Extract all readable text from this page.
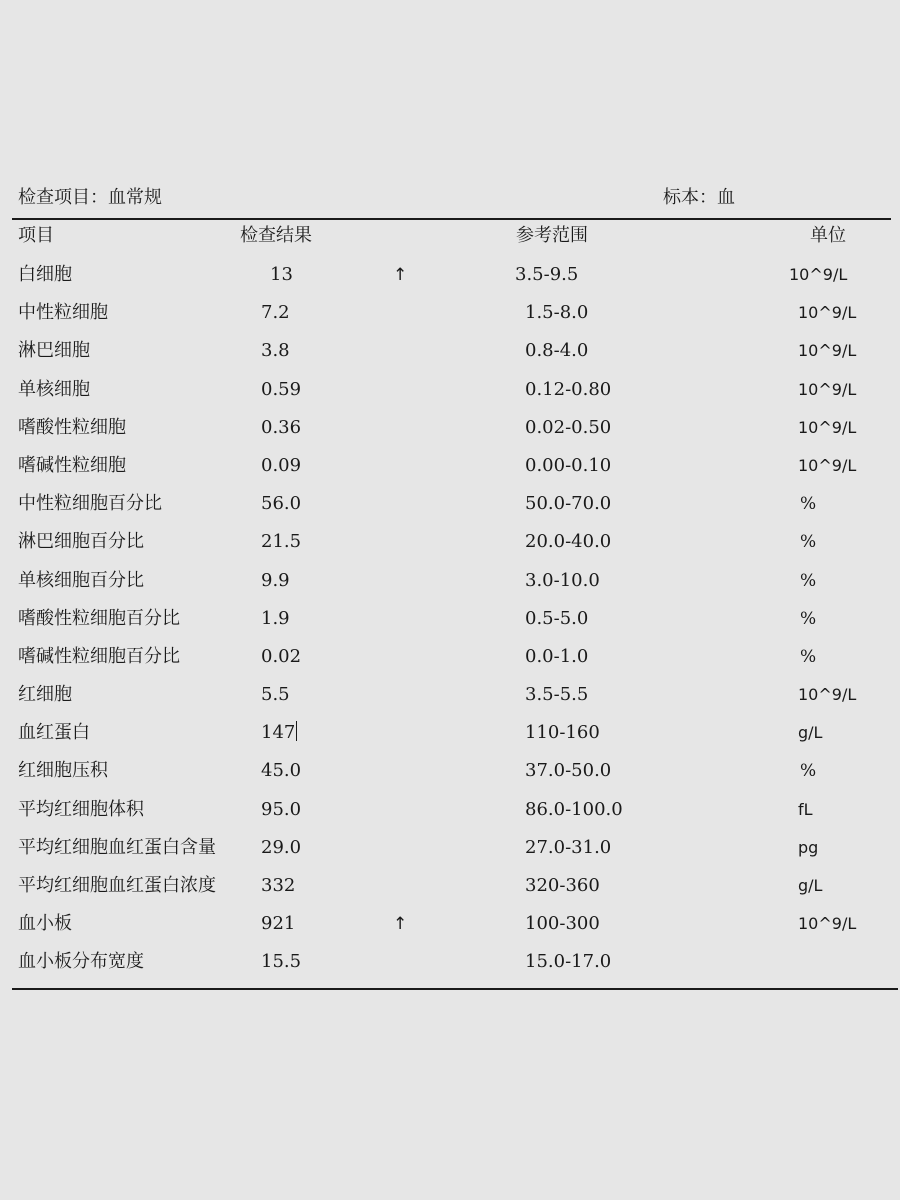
检查项目：血常规	标本：血
项目	检查结果	参考范围	单位
白细胞	13	↑	3.5-9.5	10^9/L
中性粒细胞	7.2	1.5-8.0	10^9/L
淋巴细胞	3.8	0.8-4.0	10^9/L
单核细胞	0.59	0.12-0.80	10^9/L
嗜酸性粒细胞	0.36	0.02-0.50	10^9/L
嗜碱性粒细胞	0.09	0.00-0.10	10^9/L
中性粒细胞百分比	56.0	50.0-70.0	%
淋巴细胞百分比	21.5	20.0-40.0	%
单核细胞百分比	9.9	3.0-10.0	%
嗜酸性粒细胞百分比	1.9	0.5-5.0	%
嗜碱性粒细胞百分比	0.02	0.0-1.0	%
红细胞	5.5	3.5-5.5	10^9/L
血红蛋白	147	110-160	g/L
红细胞压积	45.0	37.0-50.0	%
平均红细胞体积	95.0	86.0-100.0	fL
平均红细胞血红蛋白含量	29.0	27.0-31.0	pg
平均红细胞血红蛋白浓度	332	320-360	g/L
血小板	921	↑	100-300	10^9/L
血小板分布宽度	15.5	15.0-17.0
